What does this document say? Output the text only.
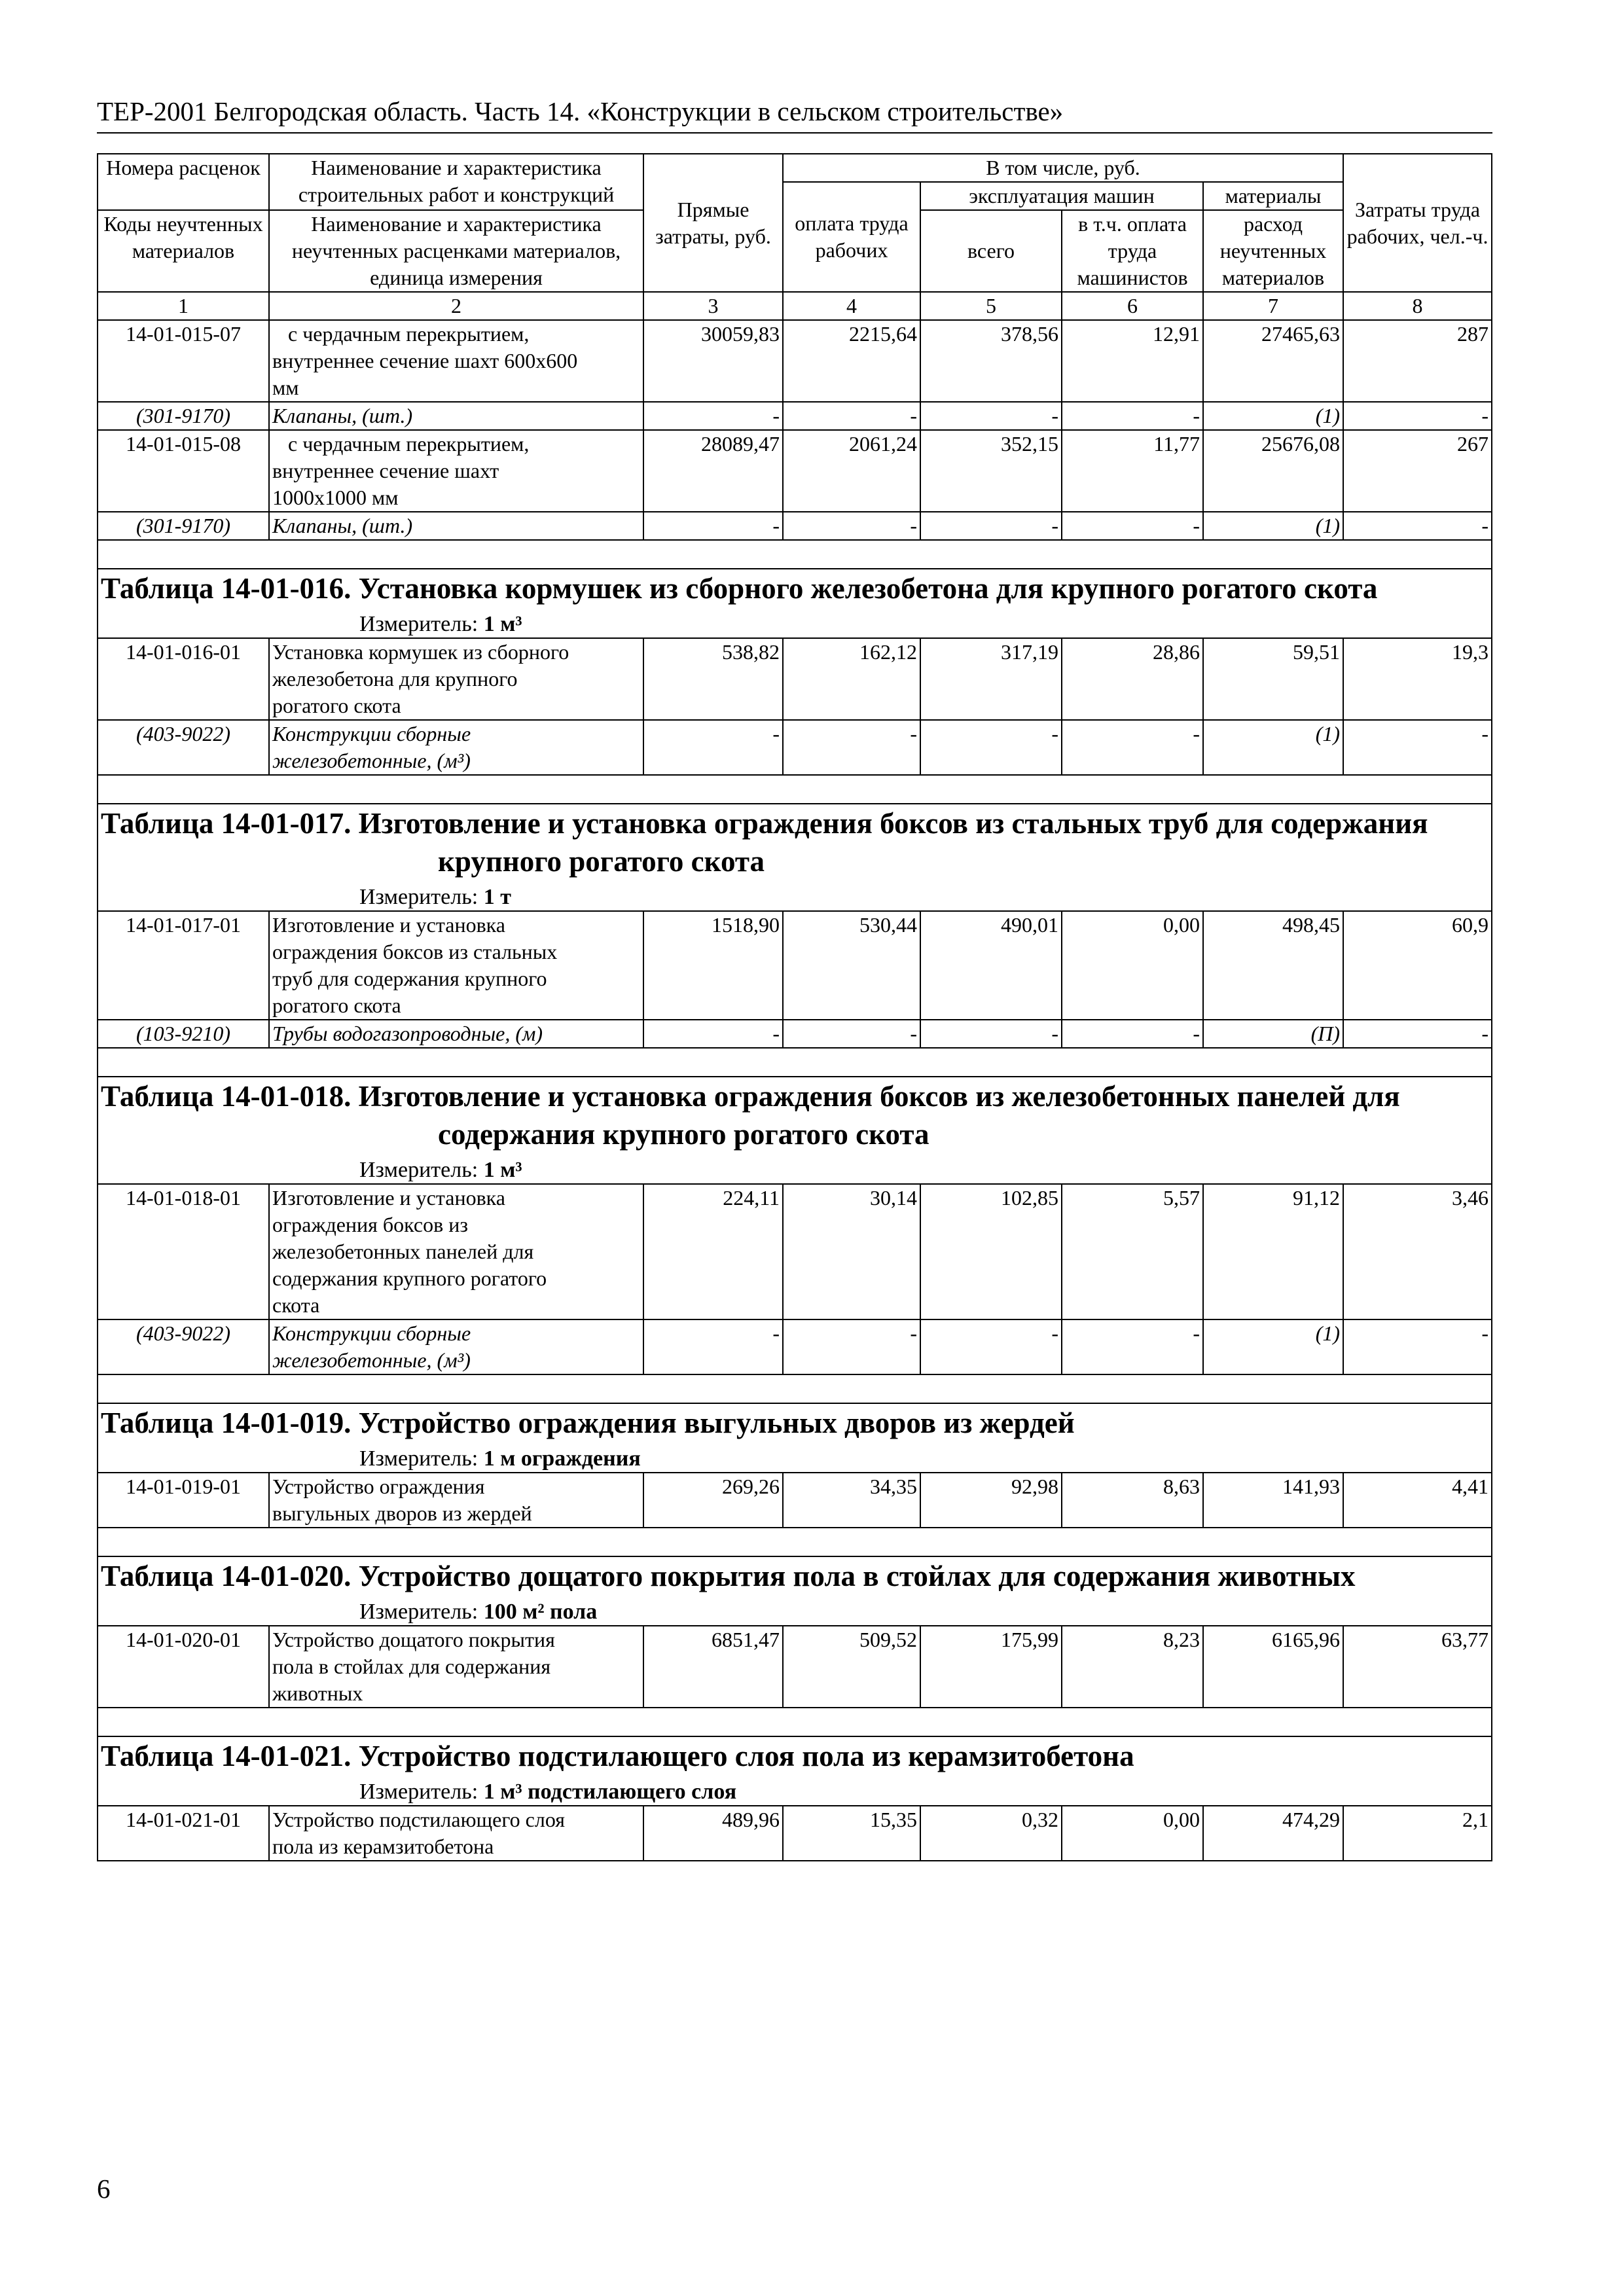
ТЕР-2001 Белгородская область. Часть 14. «Конструкции в сельском строительстве»
Номера расценок	Наименование и характеристика строительных работ и конструкций	Прямые затраты, руб.	В том числе, руб.				Затраты труда рабочих, чел.-ч.
			оплата труда рабочих	эксплуатация машин		материалы	
Коды неучтенных материалов	Наименование и характеристика неучтенных расценками материалов, единица измерения			всего	в т.ч. оплата труда машинистов	расход неучтенных материалов	

1	2	3	4	5	6	7	8
14-01-015-07	с чердачным перекрытием,
внутреннее сечение шахт 600x600
мм	30059,83	2215,64	378,56	12,91	27465,63	287
(301-9170)	Клапаны, (шт.)	-	-	-	-	(1)	-
14-01-015-08	с чердачным перекрытием,
внутреннее сечение шахт
1000x1000 мм	28089,47	2061,24	352,15	11,77	25676,08	267
(301-9170)	Клапаны, (шт.)	-	-	-	-	(1)	-

Таблица 14-01-016. Установка кормушек из сборного железобетона для крупного рогатого скота
Измеритель: 1 м³							

14-01-016-01	Установка кормушек из сборного
железобетона для крупного
рогатого скота	538,82	162,12	317,19	28,86	59,51	19,3
(403-9022)	Конструкции сборные
железобетонные, (м³)	-	-	-	-	(1)	-

Таблица 14-01-017. Изготовление и установка ограждения боксов из стальных труб для содержания крупного рогатого скота
Измеритель: 1 т							

14-01-017-01	Изготовление и установка
ограждения боксов из стальных
труб для содержания крупного
рогатого скота	1518,90	530,44	490,01	0,00	498,45	60,9
(103-9210)	Трубы водогазопроводные, (м)	-	-	-	-	(П)	-

Таблица 14-01-018. Изготовление и установка ограждения боксов из железобетонных панелей для содержания крупного рогатого скота
Измеритель: 1 м³							

14-01-018-01	Изготовление и установка
ограждения боксов из
железобетонных панелей для
содержания крупного рогатого
скота	224,11	30,14	102,85	5,57	91,12	3,46
(403-9022)	Конструкции сборные
железобетонные, (м³)	-	-	-	-	(1)	-

Таблица 14-01-019. Устройство ограждения выгульных дворов из жердей
Измеритель: 1 м ограждения							

14-01-019-01	Устройство ограждения
выгульных дворов из жердей	269,26	34,35	92,98	8,63	141,93	4,41

Таблица 14-01-020. Устройство дощатого покрытия пола в стойлах для содержания животных
Измеритель: 100 м² пола							

14-01-020-01	Устройство дощатого покрытия
пола в стойлах для содержания
животных	6851,47	509,52	175,99	8,23	6165,96	63,77

Таблица 14-01-021. Устройство подстилающего слоя пола из керамзитобетона
Измеритель: 1 м³ подстилающего слоя							

14-01-021-01	Устройство подстилающего слоя
пола из керамзитобетона	489,96	15,35	0,32	0,00	474,29	2,1
6
